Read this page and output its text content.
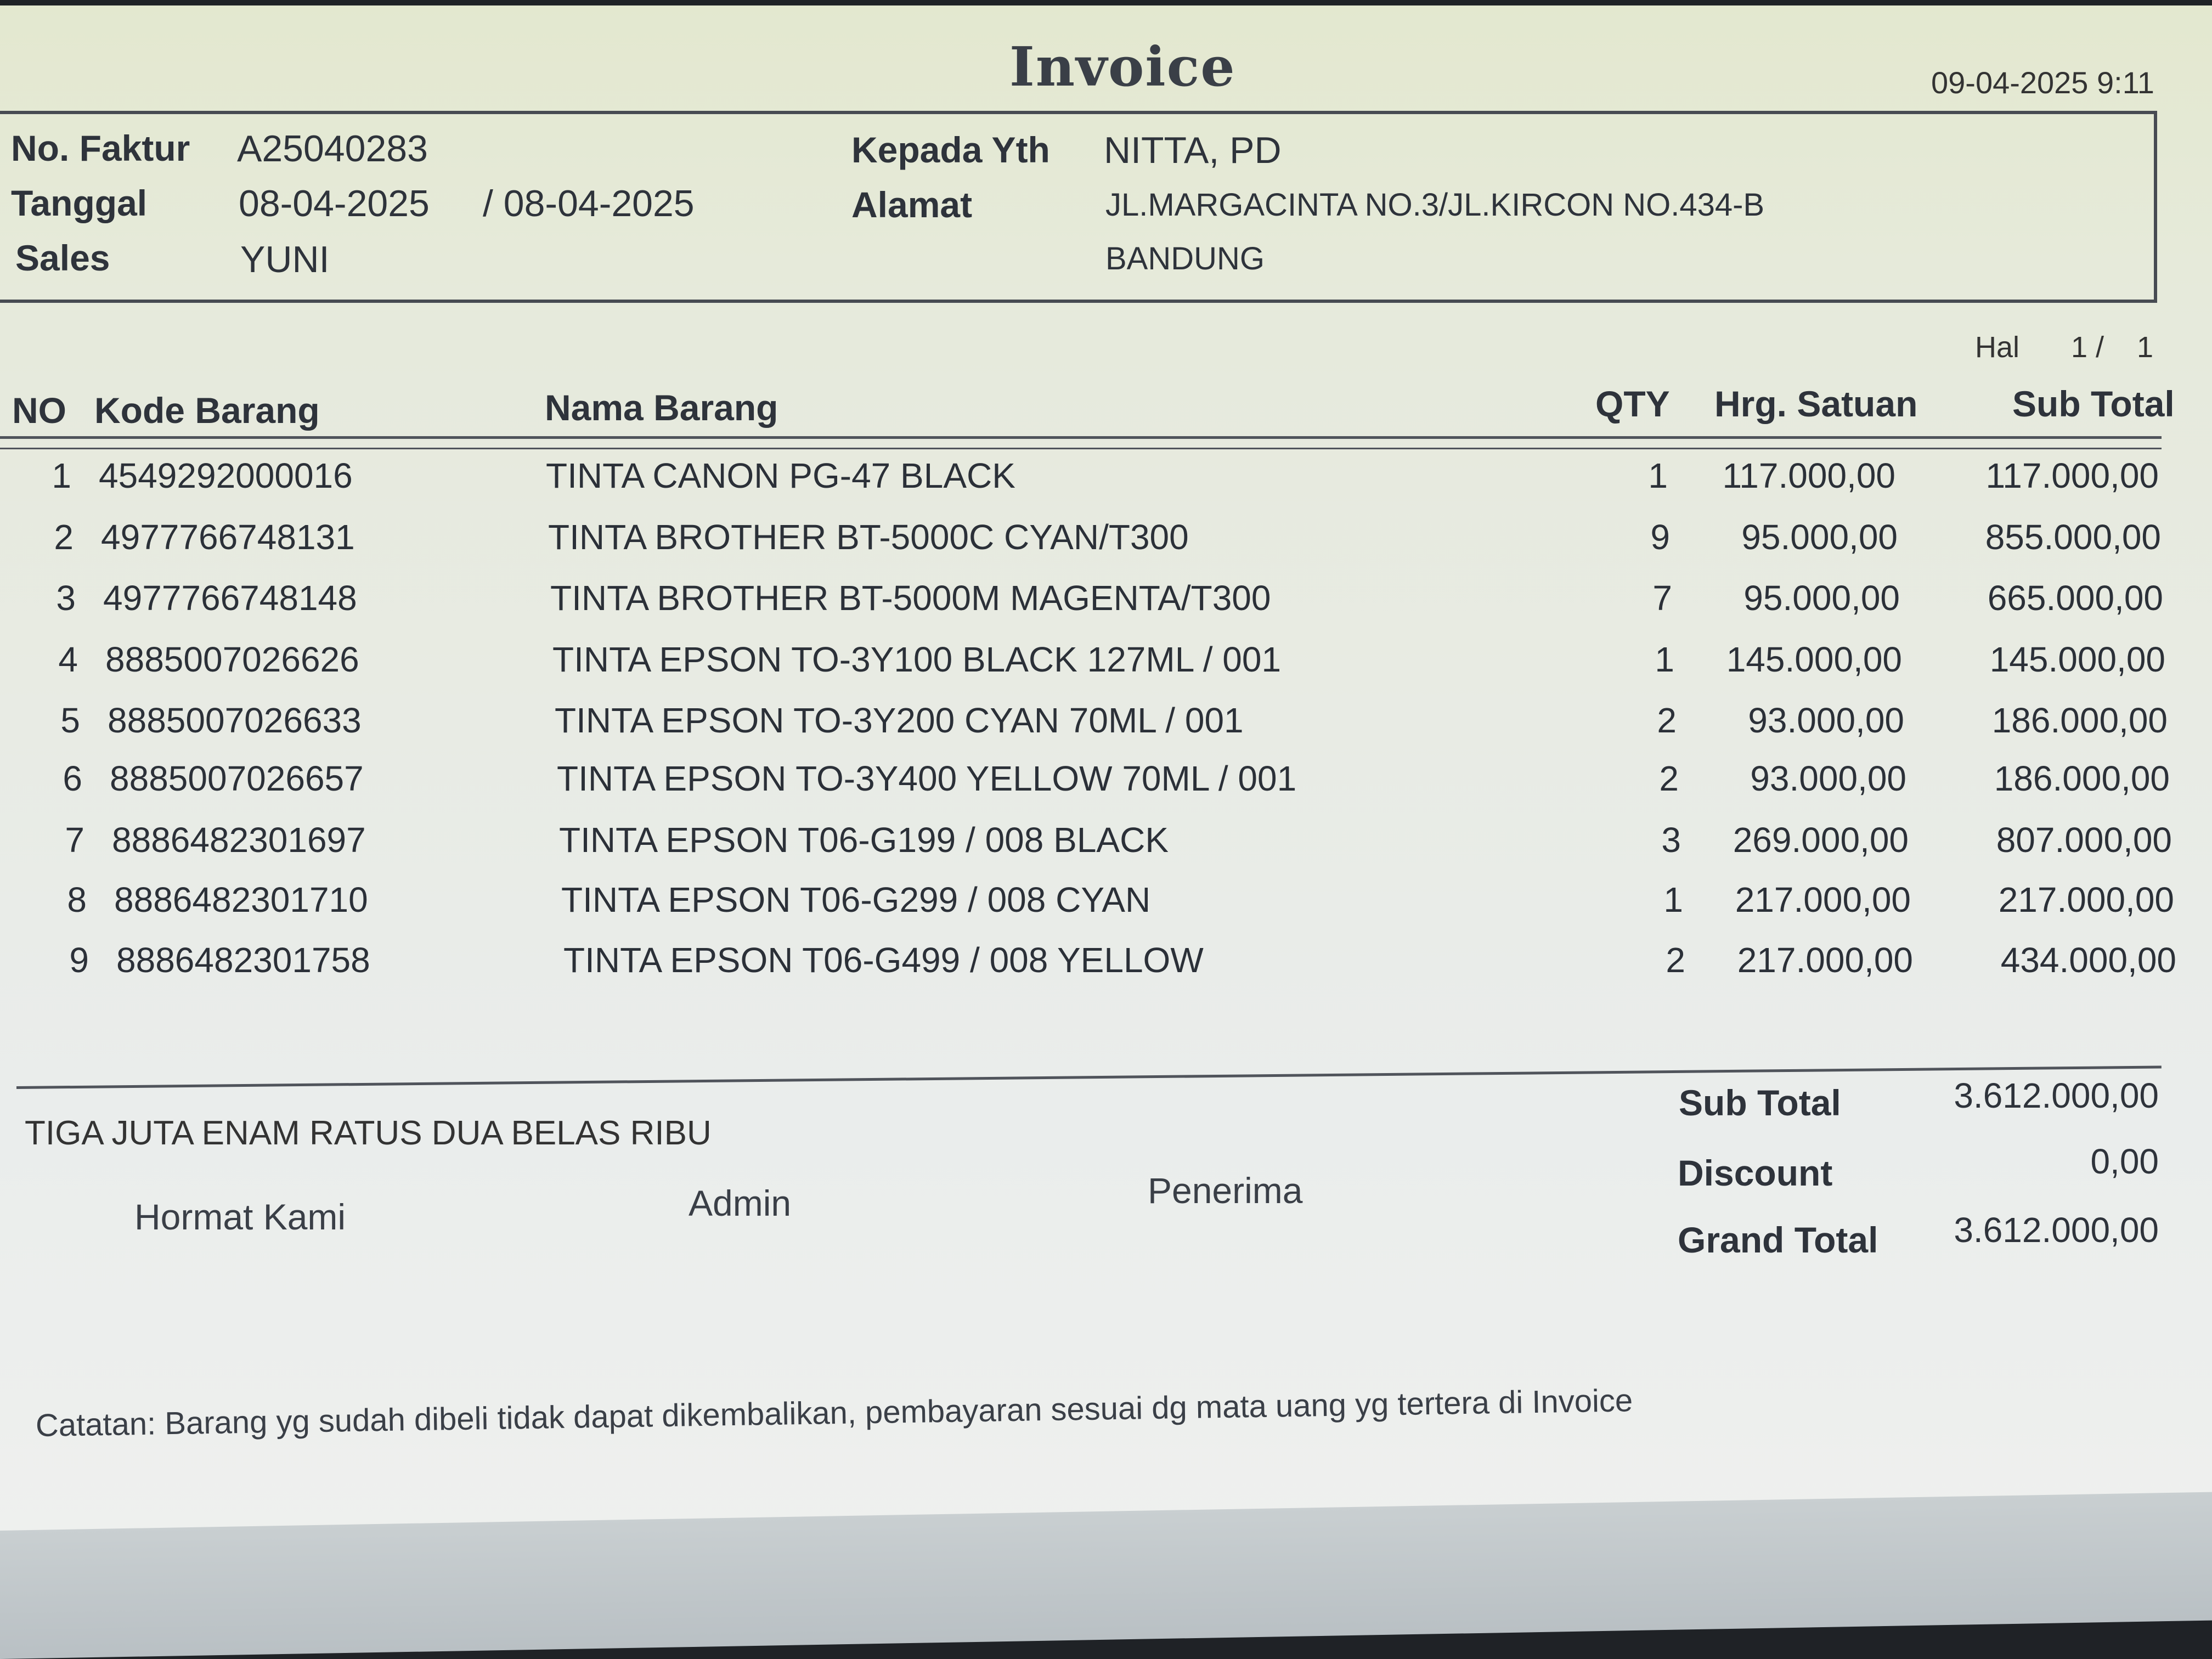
Invoice	09-04-2025 9:11
No. Faktur A25040283
Tanggal 08-04-2025 / 08-04-2025
Sales	YUNI
Kepada Yth NITTA, PD
Alamat	JL.MARGACINTA NO.3/JL.KIRCON NO.434-B
BANDUNG
Hal 1 /    1
NO Kode Barang	Nama Barang	QTY Hrg. Satuan	Sub Total
1 4549292000016	TINTA CANON PG-47 BLACK	1	117.000,00	117.000,00
2 4977766748131	TINTA BROTHER BT-5000C CYAN/T300	9	95.000,00	855.000,00
3 4977766748148	TINTA BROTHER BT-5000M MAGENTA/T300	7	95.000,00	665.000,00
4 8885007026626	TINTA EPSON TO-3Y100 BLACK 127ML / 001	1 145.000,00	145.000,00
5 8885007026633	TINTA EPSON TO-3Y200 CYAN 70ML / 001	2	93.000,00	186.000,00
6 8885007026657	TINTA EPSON TO-3Y400 YELLOW 70ML / 001	2	93.000,00	186.000,00
7 8886482301697	TINTA EPSON T06-G199 / 008 BLACK	3 269.000,00	807.000,00
8 8886482301710	TINTA EPSON T06-G299 / 008 CYAN	1 217.000,00	217.000,00
9 8886482301758	TINTA EPSON T06-G499 / 008 YELLOW	2 217.000,00	434.000,00
TIGA JUTA ENAM RATUS DUA BELAS RIBU
Hormat Kami	Admin	Penerima
Sub Total	3.612.000,00
Discount	0,00
Grand Total	3.612.000,00
Catatan: Barang yg sudah dibeli tidak dapat dikembalikan, pembayaran sesuai dg mata uang yg tertera di Invoice
